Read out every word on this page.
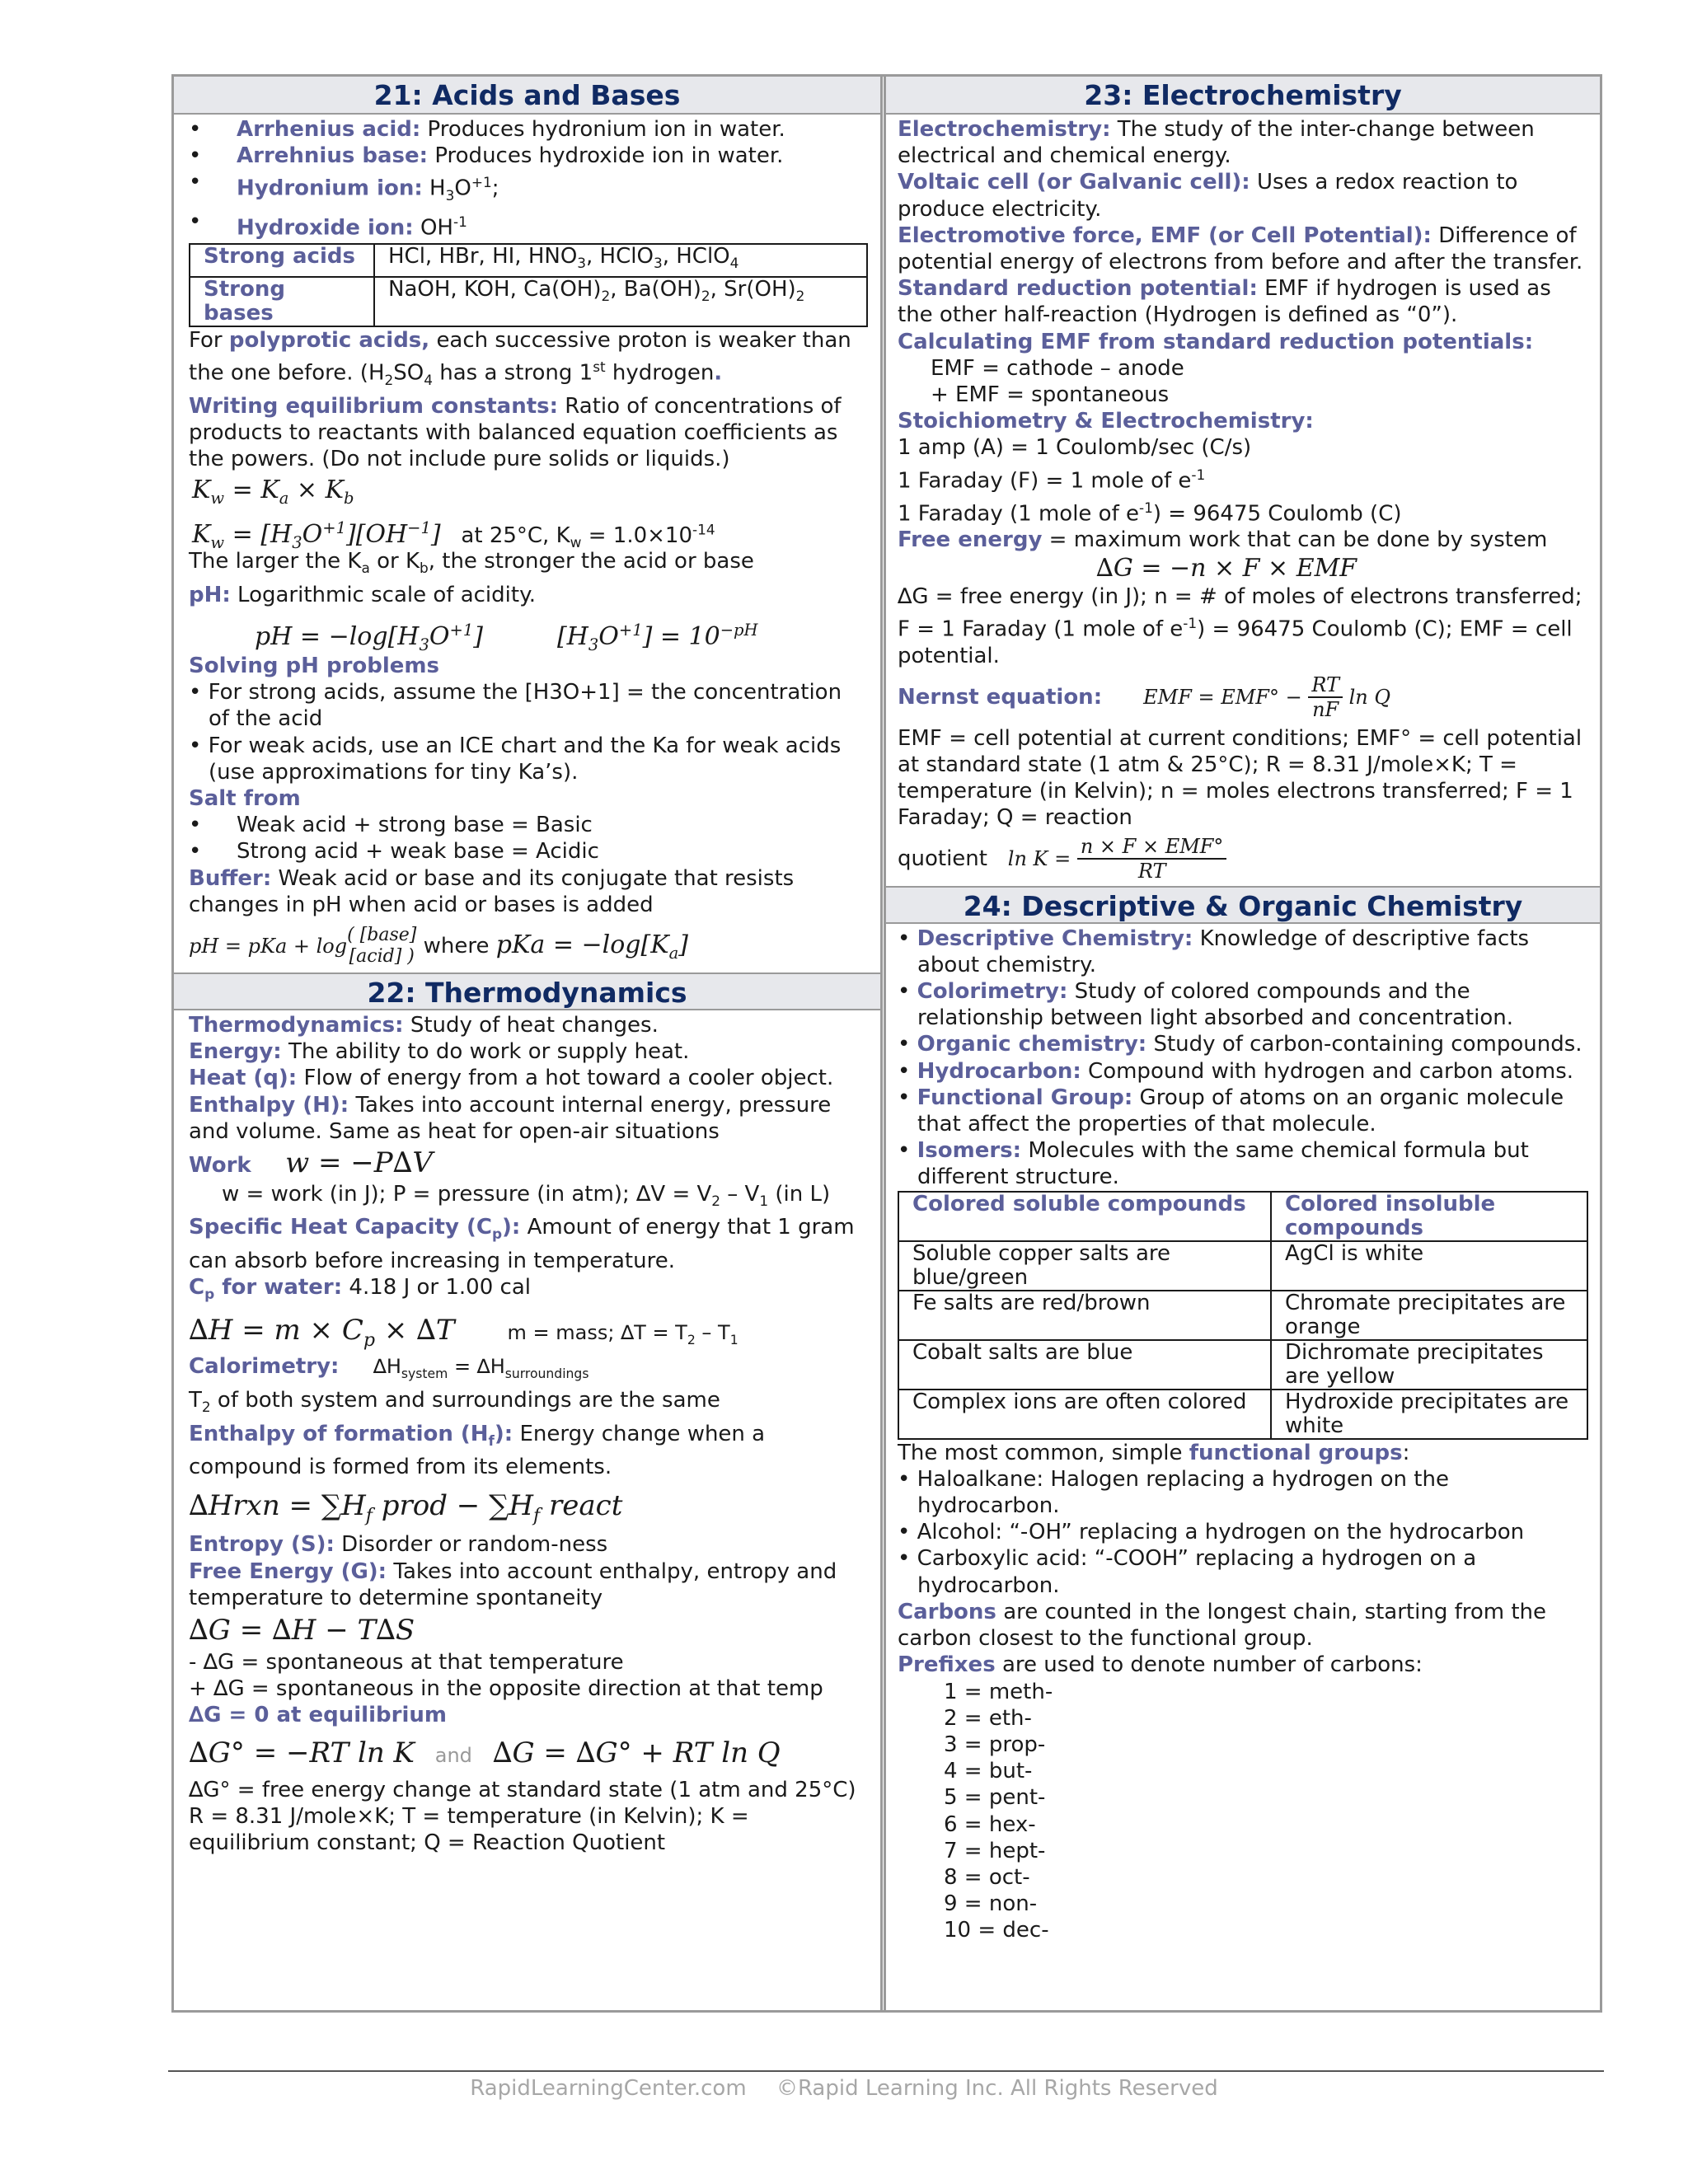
21: Acids and Bases
• Arrhenius acid: Produces hydronium ion in water.
• Arrehnius base: Produces hydroxide ion in water.
• Hydronium ion: $H_3O^{+1}$;
• Hydroxide ion: $OH^{-1}$
Strong acids	HCl, HBr, HI, $HNO_3$, HClO$_3$, HClO$_4$
Strong bases	NaOH, KOH, $Ca(OH)_2$, $Ba(OH)_2$, $Sr(OH)_2$
For polyprotic acids, each successive proton is weaker than the one before. ($H_2SO_4$ has a strong 1st hydrogen.
Writing equilibrium constants: Ratio of concentrations of products to reactants with balanced equation coefficients as the powers. (Do not include pure solids or liquids.)
$K_w = K_a \times K_b$
$K_w = [H_3O^{+1}][OH^{-1}]$ at 25°C, $K_w = 1.0\times 10^{-14}$
The larger the $K_a$ or $K_b$, the stronger the acid or base
pH: Logarithmic scale of acidity.
pH = $-\log[H_3O^{+1}]$	$[H_3O^{+1}] = 10^{-pH}$
Solving pH problems
• For strong acids, assume the [H3O+1] = the concentration of the acid
• For weak acids, use an ICE chart and the Ka for weak acids (use approximations for tiny Ka’s).
Salt from
• Weak acid + strong base = Basic
• Strong acid + weak base = Acidic
Buffer: Weak acid or base and its conjugate that resists changes in pH when acid or bases is added
pH = pKa + log( [base]
[acid] ) where pKa = $-\log[K_a]$
22: Thermodynamics
Thermodynamics: Study of heat changes.
Energy: The ability to do work or supply heat.
Heat (q): Flow of energy from a hot toward a cooler object.
Enthalpy (H): Takes into account internal energy, pressure and volume. Same as heat for open-air situations
Work w = −P∆V
w = work (in J); P = pressure (in atm); $\Delta V = V_2 - V_1$ (in L)
Specific Heat Capacity $(C_p)$: Amount of energy that 1 gram can absorb before increasing in temperature.
$C_p$ for water: 4.18 J or 1.00 cal
$\Delta H = m \times C_p \times \Delta T$	m = mass; $\Delta T = T_2 - T_1$
Calorimetry: $\Delta H_{system} = \Delta H_{surroundings}$
$T_2$ of both system and surroundings are the same
Enthalpy of formation $(H_f)$: Energy change when a compound is formed from its elements.
∆Hrxn = $\sum H_f$ prod − $\sum H_f$ react
Entropy (S): Disorder or random-ness
Free Energy (G): Takes into account enthalpy, entropy and temperature to determine spontaneity
∆G = ∆H − T∆S
- ∆G = spontaneous at that temperature
+ ∆G = spontaneous in the opposite direction at that temp
∆G = 0 at equilibrium
∆G° = −RT ln K and ∆G = ∆G° + RT ln Q
∆G° = free energy change at standard state (1 atm and 25°C)
R = 8.31 J/mole×K; T = temperature (in Kelvin); K = equilibrium constant; Q = Reaction Quotient
23: Electrochemistry
Electrochemistry: The study of the inter-change between electrical and chemical energy.
Voltaic cell (or Galvanic cell): Uses a redox reaction to produce electricity.
Electromotive force, EMF (or Cell Potential): Difference of potential energy of electrons from before and after the transfer.
Standard reduction potential: EMF if hydrogen is used as the other half-reaction (Hydrogen is defined as “0”).
Calculating EMF from standard reduction potentials:
EMF = cathode – anode
+ EMF = spontaneous
Stoichiometry & Electrochemistry:
1 amp (A) = 1 Coulomb/sec (C/s)
1 Faraday (F) = 1 mole of $e^{-1}$
1 Faraday (1 mole of $e^{-1}) = 96475$ Coulomb (C)
Free energy = maximum work that can be done by system
∆G = −n × F × EMF
∆G = free energy (in J); n = # of moles of electrons transferred; F = 1 Faraday (1 mole of $e^{-1}) = 96475$ Coulomb (C); EMF = cell potential.
Nernst equation: EMF = EMF° − RT
nF ln Q
EMF = cell potential at current conditions; EMF° = cell potential at standard state (1 atm & 25°C); R = 8.31 J/mole×K; T = temperature (in Kelvin); n = moles electrons transferred; F = 1 Faraday; Q = reaction
quotient ln K = n × F × EMF°
RT
24: Descriptive & Organic Chemistry
• Descriptive Chemistry: Knowledge of descriptive facts about chemistry.
• Colorimetry: Study of colored compounds and the relationship between light absorbed and concentration.
• Organic chemistry: Study of carbon-containing compounds.
• Hydrocarbon: Compound with hydrogen and carbon atoms.
• Functional Group: Group of atoms on an organic molecule that affect the properties of that molecule.
• Isomers: Molecules with the same chemical formula but different structure.
Colored soluble compounds	Colored insoluble compounds
Soluble copper salts are blue/green	AgCl is white
Fe salts are red/brown	Chromate precipitates are orange
Cobalt salts are blue	Dichromate precipitates are yellow
Complex ions are often colored	Hydroxide precipitates are white
The most common, simple functional groups:
• Haloalkane: Halogen replacing a hydrogen on the hydrocarbon.
• Alcohol: “-OH” replacing a hydrogen on the hydrocarbon
• Carboxylic acid: “-COOH” replacing a hydrogen on a hydrocarbon.
Carbons are counted in the longest chain, starting from the carbon closest to the functional group.
Prefixes are used to denote number of carbons:
1 = meth-
2 = eth-
3 = prop-
4 = but-
5 = pent-
6 = hex-
7 = hept-
8 = oct-
9 = non-
10 = dec-
RapidLearningCenter.com ©Rapid Learning Inc. All Rights Reserved
